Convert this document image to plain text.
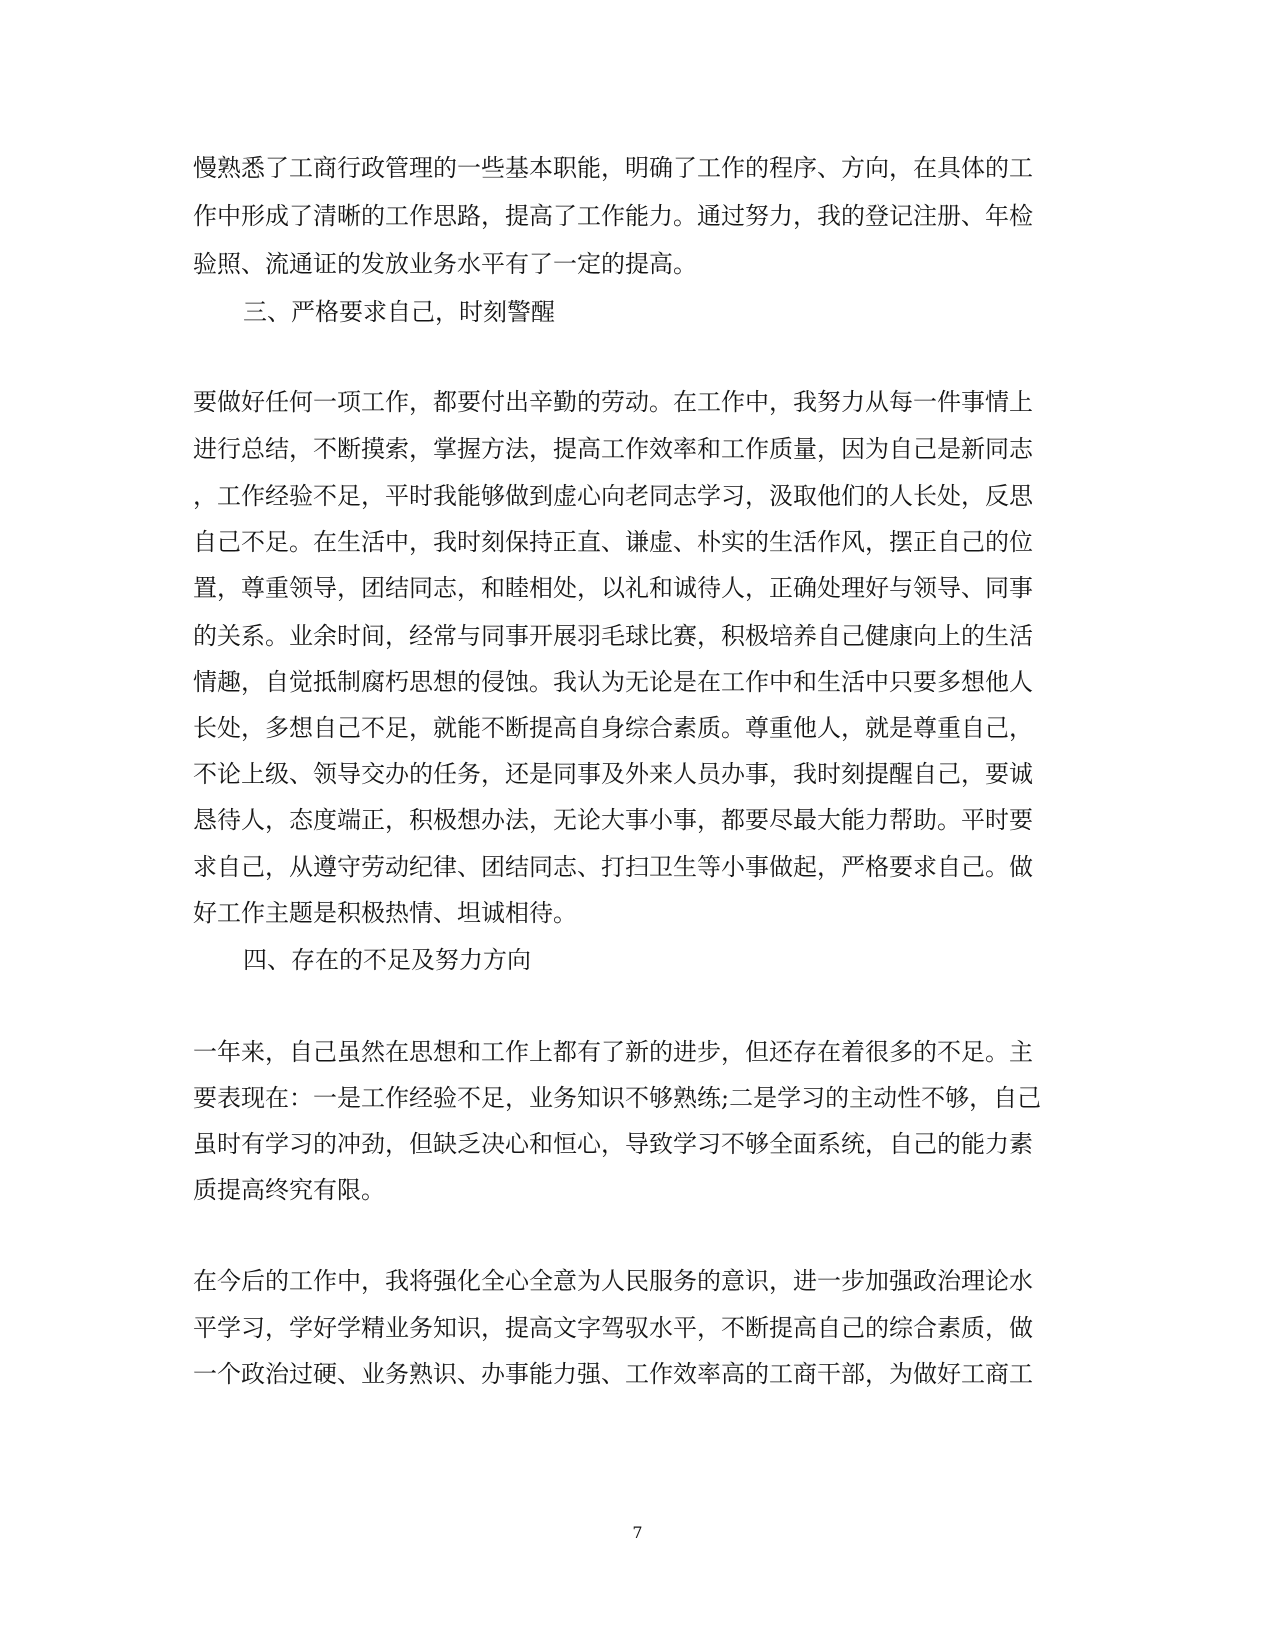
慢熟悉了工商行政管理的一些基本职能，明确了工作的程序、方向，在具体的工
作中形成了清晰的工作思路，提高了工作能力。通过努力，我的登记注册、年检
验照、流通证的发放业务水平有了一定的提高。
三、严格要求自己，时刻警醒
要做好任何一项工作，都要付出辛勤的劳动。在工作中，我努力从每一件事情上
进行总结，不断摸索，掌握方法，提高工作效率和工作质量，因为自己是新同志
，工作经验不足，平时我能够做到虚心向老同志学习，汲取他们的人长处，反思
自己不足。在生活中，我时刻保持正直、谦虚、朴实的生活作风，摆正自己的位
置，尊重领导，团结同志，和睦相处，以礼和诚待人，正确处理好与领导、同事
的关系。业余时间，经常与同事开展羽毛球比赛，积极培养自己健康向上的生活
情趣，自觉抵制腐朽思想的侵蚀。我认为无论是在工作中和生活中只要多想他人
长处，多想自己不足，就能不断提高自身综合素质。尊重他人，就是尊重自己，
不论上级、领导交办的任务，还是同事及外来人员办事，我时刻提醒自己，要诚
恳待人，态度端正，积极想办法，无论大事小事，都要尽最大能力帮助。平时要
求自己，从遵守劳动纪律、团结同志、打扫卫生等小事做起，严格要求自己。做
好工作主题是积极热情、坦诚相待。
四、存在的不足及努力方向
一年来，自己虽然在思想和工作上都有了新的进步，但还存在着很多的不足。主
要表现在：一是工作经验不足，业务知识不够熟练;二是学习的主动性不够，自己
虽时有学习的冲劲，但缺乏决心和恒心，导致学习不够全面系统，自己的能力素
质提高终究有限。
在今后的工作中，我将强化全心全意为人民服务的意识，进一步加强政治理论水
平学习，学好学精业务知识，提高文字驾驭水平，不断提高自己的综合素质，做
一个政治过硬、业务熟识、办事能力强、工作效率高的工商干部，为做好工商工
7
